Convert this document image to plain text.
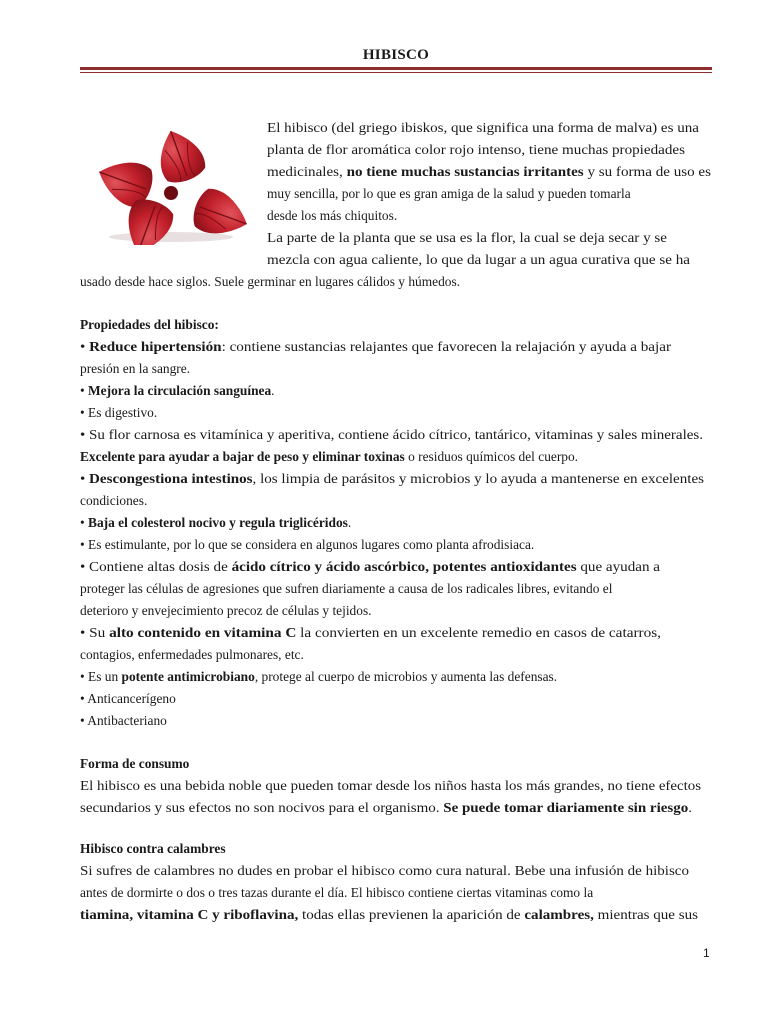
HIBISCO
El hibisco (del griego ibiskos, que significa una forma de malva) es una
planta de flor aromática color rojo intenso, tiene muchas propiedades
medicinales, no tiene muchas sustancias irritantes y su forma de uso es
muy sencilla, por lo que es gran amiga de la salud y pueden tomarla
desde los más chiquitos.
La parte de la planta que se usa es la flor, la cual se deja secar y se
mezcla con agua caliente, lo que da lugar a un agua curativa que se ha
usado desde hace siglos. Suele germinar en lugares cálidos y húmedos.
Propiedades del hibisco:
• Reduce hipertensión: contiene sustancias relajantes que favorecen la relajación y ayuda a bajar
presión en la sangre.
• Mejora la circulación sanguínea.
• Es digestivo.
• Su flor carnosa es vitamínica y aperitiva, contiene ácido cítrico, tantárico, vitaminas y sales minerales.
Excelente para ayudar a bajar de peso y eliminar toxinas o residuos químicos del cuerpo.
• Descongestiona intestinos, los limpia de parásitos y microbios y lo ayuda a mantenerse en excelentes
condiciones.
• Baja el colesterol nocivo y regula triglicéridos.
• Es estimulante, por lo que se considera en algunos lugares como planta afrodisiaca.
• Contiene altas dosis de ácido cítrico y ácido ascórbico, potentes antioxidantes que ayudan a
proteger las células de agresiones que sufren diariamente a causa de los radicales libres, evitando el
deterioro y envejecimiento precoz de células y tejidos.
• Su alto contenido en vitamina C la convierten en un excelente remedio en casos de catarros,
contagios, enfermedades pulmonares, etc.
• Es un potente antimicrobiano, protege al cuerpo de microbios y aumenta las defensas.
• Anticancerígeno
• Antibacteriano
Forma de consumo
El hibisco es una bebida noble que pueden tomar desde los niños hasta los más grandes, no tiene efectos
secundarios y sus efectos no son nocivos para el organismo. Se puede tomar diariamente sin riesgo.
Hibisco contra calambres
Si sufres de calambres no dudes en probar el hibisco como cura natural. Bebe una infusión de hibisco
antes de dormirte o dos o tres tazas durante el día. El hibisco contiene ciertas vitaminas como la
tiamina, vitamina C y riboflavina, todas ellas previenen la aparición de calambres, mientras que sus
1
